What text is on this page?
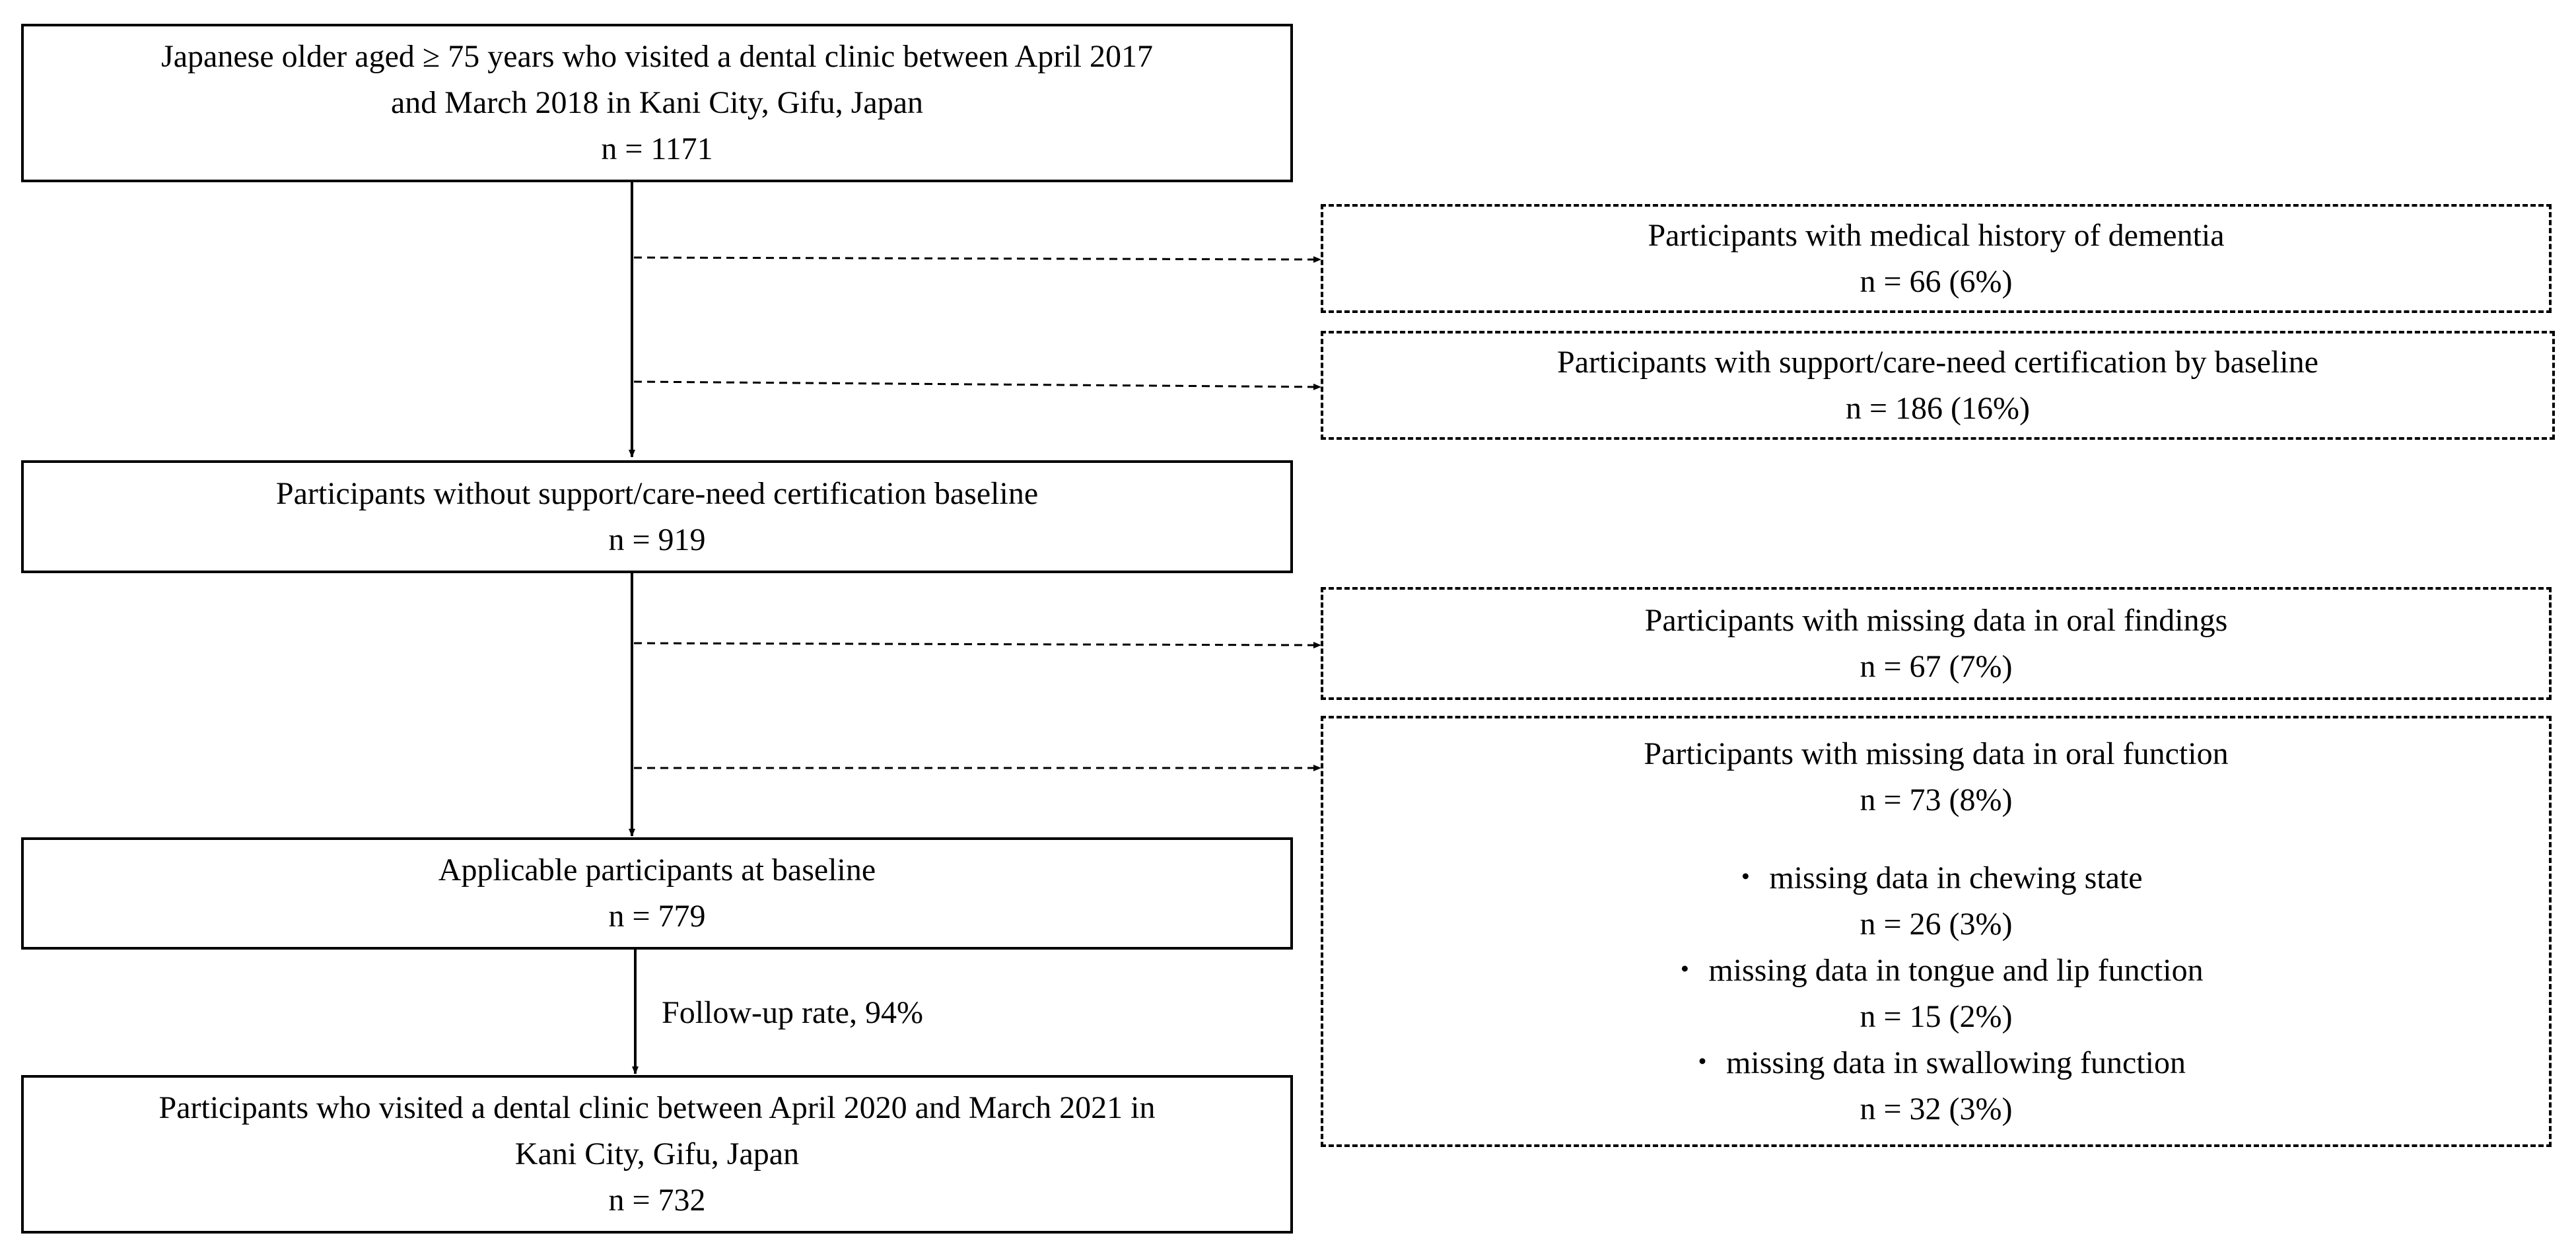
Japanese older aged ≥ 75 years who visited a dental clinic between April 2017
and March 2018 in Kani City, Gifu, Japan
n = 1171
Participants with medical history of dementia
n = 66 (6%)
Participants with support/care-need certification by baseline
n = 186 (16%)
Participants without support/care-need certification baseline
n = 919
Participants with missing data in oral findings
n = 67 (7%)
Participants with missing data in oral function
n = 73 (8%)
・ missing data in chewing state
n = 26 (3%)
・ missing data in tongue and lip function
n = 15 (2%)
・ missing data in swallowing function
n = 32 (3%)
Applicable participants at baseline
n = 779
Follow-up rate, 94%
Participants who visited a dental clinic between April 2020 and March 2021 in
Kani City, Gifu, Japan
n = 732
